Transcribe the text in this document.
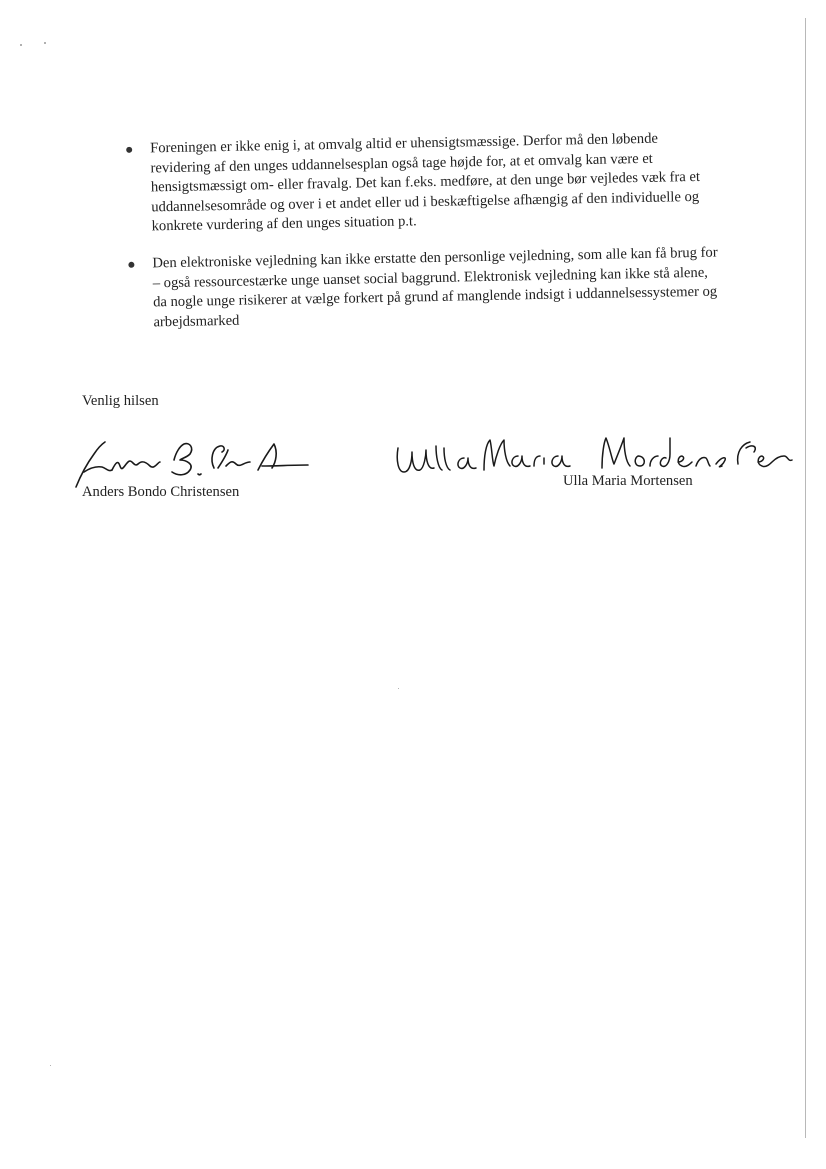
Foreningen er ikke enig i, at omvalg altid er uhensigtsmæssige. Derfor må den løbende revidering af den unges uddannelsesplan også tage højde for, at et omvalg kan være et hensigtsmæssigt om- eller fravalg. Det kan f.eks. medføre, at den unge bør vejledes væk fra et uddannelsesområde og over i et andet eller ud i beskæftigelse afhængig af den individuelle og konkrete vurdering af den unges situation p.t.
Den elektroniske vejledning kan ikke erstatte den personlige vejledning, som alle kan få brug for – også ressourcestærke unge uanset social baggrund. Elektronisk vejledning kan ikke stå alene, da nogle unge risikerer at vælge forkert på grund af manglende indsigt i uddannelsessystemer og arbejdsmarked
Venlig hilsen
Anders Bondo Christensen
Ulla Maria Mortensen
